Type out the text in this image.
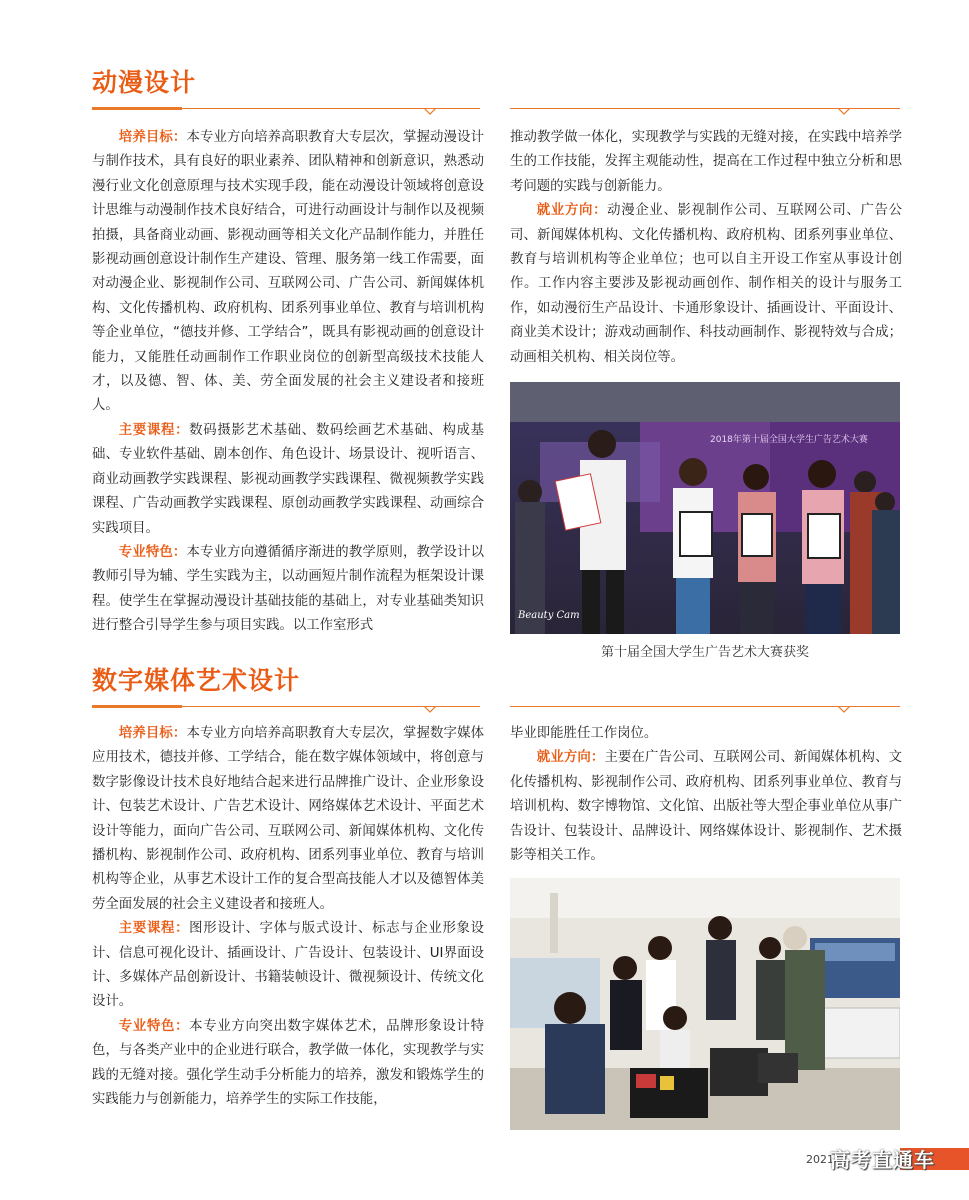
动漫设计

培养目标：本专业方向培养高职教育大专层次，掌握动漫设计与制作技术，具有良好的职业素养、团队精神和创新意识，熟悉动漫行业文化创意原理与技术实现手段，能在动漫设计领域将创意设计思维与动漫制作技术良好结合，可进行动画设计与制作以及视频拍摄，具备商业动画、影视动画等相关文化产品制作能力，并胜任影视动画创意设计制作生产建设、管理、服务第一线工作需要，面对动漫企业、影视制作公司、互联网公司、广告公司、新闻媒体机构、文化传播机构、政府机构、团系列事业单位、教育与培训机构等企业单位，“德技并修、工学结合”，既具有影视动画的创意设计能力，又能胜任动画制作工作职业岗位的创新型高级技术技能人才，以及德、智、体、美、劳全面发展的社会主义建设者和接班人。

主要课程：数码摄影艺术基础、数码绘画艺术基础、构成基础、专业软件基础、剧本创作、角色设计、场景设计、视听语言、商业动画教学实践课程、影视动画教学实践课程、微视频教学实践课程、广告动画教学实践课程、原创动画教学实践课程、动画综合实践项目。

专业特色：本专业方向遵循循序渐进的教学原则，教学设计以教师引导为辅、学生实践为主，以动画短片制作流程为框架设计课程。使学生在掌握动漫设计基础技能的基础上，对专业基础类知识进行整合引导学生参与项目实践。以工作室形式

推动教学做一体化，实现教学与实践的无缝对接，在实践中培养学生的工作技能，发挥主观能动性，提高在工作过程中独立分析和思考问题的实践与创新能力。

就业方向：动漫企业、影视制作公司、互联网公司、广告公司、新闻媒体机构、文化传播机构、政府机构、团系列事业单位、教育与培训机构等企业单位；也可以自主开设工作室从事设计创作。工作内容主要涉及影视动画创作、制作相关的设计与服务工作，如动漫衍生产品设计、卡通形象设计、插画设计、平面设计、商业美术设计；游戏动画制作、科技动画制作、影视特效与合成；动画相关机构、相关岗位等。

2018年第十届全国大学生广告艺术大赛
Beauty Cam
第十届全国大学生广告艺术大赛获奖
数字媒体艺术设计

培养目标：本专业方向培养高职教育大专层次，掌握数字媒体应用技术，德技并修、工学结合，能在数字媒体领域中，将创意与数字影像设计技术良好地结合起来进行品牌推广设计、企业形象设计、包装艺术设计、广告艺术设计、网络媒体艺术设计、平面艺术设计等能力，面向广告公司、互联网公司、新闻媒体机构、文化传播机构、影视制作公司、政府机构、团系列事业单位、教育与培训机构等企业，从事艺术设计工作的复合型高技能人才以及德智体美劳全面发展的社会主义建设者和接班人。

主要课程：图形设计、字体与版式设计、标志与企业形象设计、信息可视化设计、插画设计、广告设计、包装设计、UI界面设计、多媒体产品创新设计、书籍装帧设计、微视频设计、传统文化设计。

专业特色：本专业方向突出数字媒体艺术，品牌形象设计特色，与各类产业中的企业进行联合，教学做一体化，实现教学与实践的无缝对接。强化学生动手分析能力的培养，激发和锻炼学生的实践能力与创新能力，培养学生的实际工作技能，

毕业即能胜任工作岗位。

就业方向：主要在广告公司、互联网公司、新闻媒体机构、文化传播机构、影视制作公司、政府机构、团系列事业单位、教育与培训机构、数字博物馆、文化馆、出版社等大型企事业单位从事广告设计、包装设计、品牌设计、网络媒体设计、影视制作、艺术摄影等相关工作。

2021
高考直通车
